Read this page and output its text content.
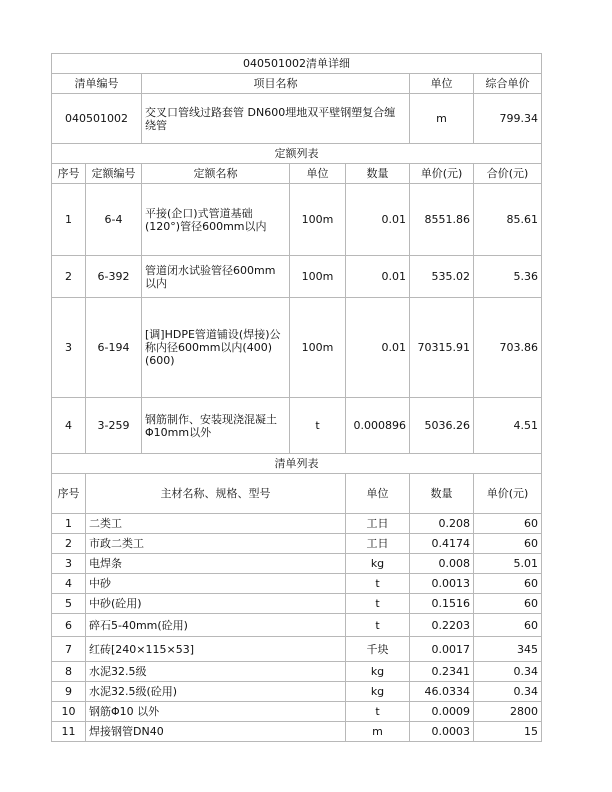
040501002清单详细							
清单编号		项目名称			单位	综合单价	
040501002		交叉口管线过路套管 DN600埋地双平壁钢塑复合缠绕管			m	799.34	
定额列表							
序号	定额编号	定额名称	单位	数量	单价(元)	合价(元)	
1	6-4	平接(企口)式管道基础(120°)管径600mm以内	100m	0.01	8551.86	85.61	
2	6-392	管道闭水试验管径600mm以内	100m	0.01	535.02	5.36	
3	6-194	[调]HDPE管道铺设(焊接)公称内径600mm以内(400)(600)	100m	0.01	70315.91	703.86	
4	3-259	钢筋制作、安装现浇混凝土Φ10mm以外	t	0.000896	5036.26	4.51	
清单列表							
序号	主材名称、规格、型号			单位	数量	单价(元)	
1	二类工			工日	0.208	60	
2	市政二类工			工日	0.4174	60	
3	电焊条			kg	0.008	5.01	
4	中砂			t	0.0013	60	
5	中砂(砼用)			t	0.1516	60	
6	碎石5-40mm(砼用)			t	0.2203	60	
7	红砖[240×115×53]			千块	0.0017	345	
8	水泥32.5级			kg	0.2341	0.34	
9	水泥32.5级(砼用)			kg	46.0334	0.34	
10	钢筋Φ10 以外			t	0.0009	2800	
11	焊接钢管DN40			m	0.0003	15	
